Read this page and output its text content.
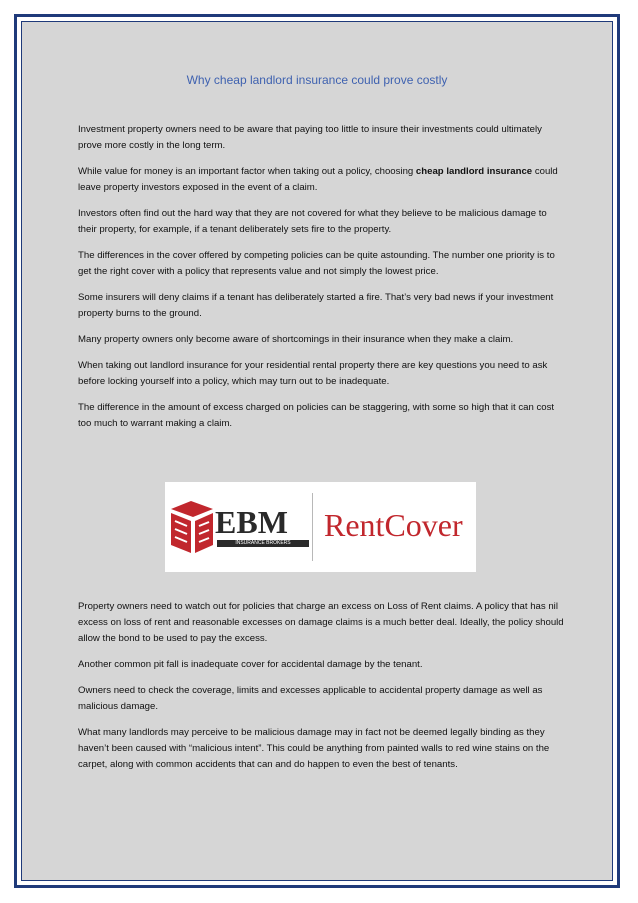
Why cheap landlord insurance could prove costly

Investment property owners need to be aware that paying too little to insure their investments could ultimately prove more costly in the long term.

While value for money is an important factor when taking out a policy, choosing cheap landlord insurance could leave property investors exposed in the event of a claim.

Investors often find out the hard way that they are not covered for what they believe to be malicious damage to their property, for example, if a tenant deliberately sets fire to the property.

The differences in the cover offered by competing policies can be quite astounding. The number one priority is to get the right cover with a policy that represents value and not simply the lowest price.

Some insurers will deny claims if a tenant has deliberately started a fire. That’s very bad news if your investment property burns to the ground.

Many property owners only become aware of shortcomings in their insurance when they make a claim.

When taking out landlord insurance for your residential rental property there are key questions you need to ask before locking yourself into a policy, which may turn out to be inadequate.

The difference in the amount of excess charged on policies can be staggering, with some so high that it can cost too much to warrant making a claim.

EBM
INSURANCE BROKERS	RentCover

Property owners need to watch out for policies that charge an excess on Loss of Rent claims. A policy that has nil excess on loss of rent and reasonable excesses on damage claims is a much better deal. Ideally, the policy should allow the bond to be used to pay the excess.

Another common pit fall is inadequate cover for accidental damage by the tenant.

Owners need to check the coverage, limits and excesses applicable to accidental property damage as well as malicious damage.

What many landlords may perceive to be malicious damage may in fact not be deemed legally binding as they haven’t been caused with “malicious intent”. This could be anything from painted walls to red wine stains on the carpet, along with common accidents that can and do happen to even the best of tenants.
